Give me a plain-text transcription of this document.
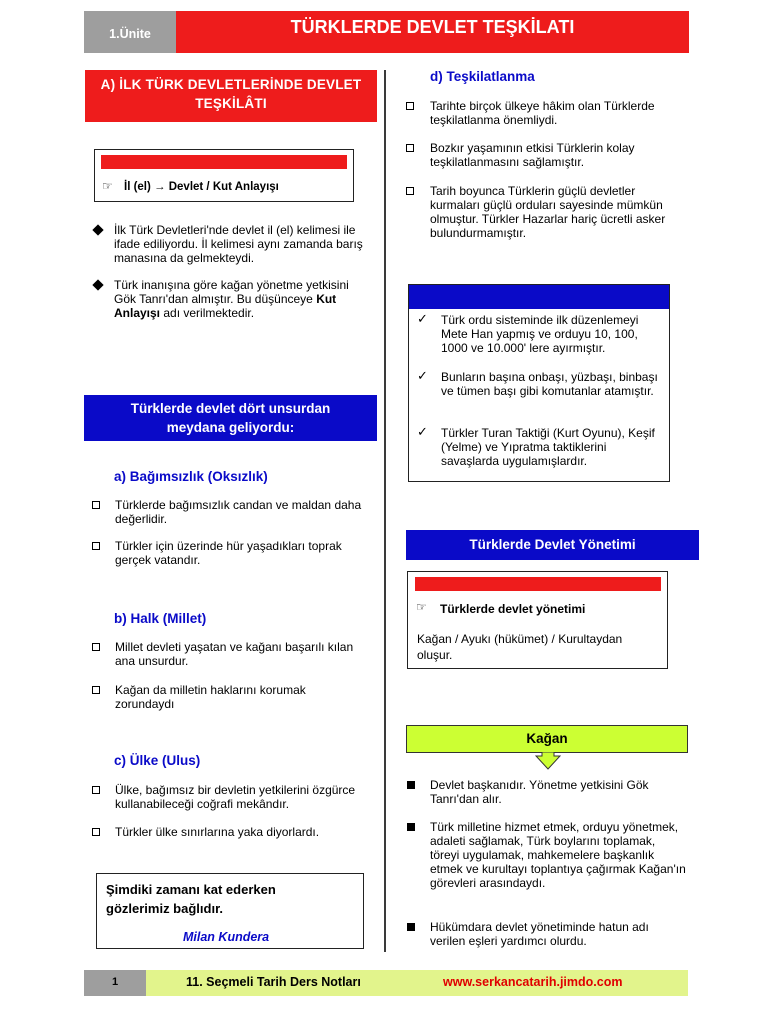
1.Ünite	TÜRKLERDE DEVLET TEŞKİLATI
A) İLK TÜRK DEVLETLERİNDE DEVLET TEŞKİLÂTI
☞ İl (el) → Devlet / Kut Anlayışı
İlk Türk Devletleri'nde devlet il (el) kelimesi ile ifade ediliyordu. İl kelimesi aynı zamanda barış manasına da gelmekteydi.
Türk inanışına göre kağan yönetme yetkisini Gök Tanrı'dan almıştır. Bu düşünceye Kut Anlayışı adı verilmektedir.
Türklerde devlet dört unsurdan meydana geliyordu:
a) Bağımsızlık (Oksızlık)
Türklerde bağımsızlık candan ve maldan daha değerlidir.
Türkler için üzerinde hür yaşadıkları toprak gerçek vatandır.
b) Halk (Millet)
Millet devleti yaşatan ve kağanı başarılı kılan ana unsurdur.
Kağan da milletin haklarını korumak zorundaydı
c) Ülke (Ulus)
Ülke, bağımsız bir devletin yetkilerini özgürce kullanabileceği coğrafi mekândır.
Türkler ülke sınırlarına yaka diyorlardı.
Şimdiki zamanı kat ederken gözlerimiz bağlıdır.
Milan Kundera
d) Teşkilatlanma
Tarihte birçok ülkeye hâkim olan Türklerde teşkilatlanma önemliydi.
Bozkır yaşamının etkisi Türklerin kolay teşkilatlanmasını sağlamıştır.
Tarih boyunca Türklerin güçlü devletler kurmaları güçlü orduları sayesinde mümkün olmuştur. Türkler Hazarlar hariç ücretli asker bulundurmamıştır.
✓ Türk ordu sisteminde ilk düzenlemeyi Mete Han yapmış ve orduyu 10, 100, 1000 ve 10.000' lere ayırmıştır.
✓ Bunların başına onbaşı, yüzbaşı, binbaşı ve tümen başı gibi komutanlar atamıştır.
✓ Türkler Turan Taktiği (Kurt Oyunu), Keşif (Yelme) ve Yıpratma taktiklerini savaşlarda uygulamışlardır.
Türklerde Devlet Yönetimi
☞ Türklerde devlet yönetimi
Kağan / Ayukı (hükümet) / Kurultaydan oluşur.
Kağan
Devlet başkanıdır. Yönetme yetkisini Gök Tanrı'dan alır.
Türk milletine hizmet etmek, orduyu yönetmek, adaleti sağlamak, Türk boylarını toplamak, töreyi uygulamak, mahkemelere başkanlık etmek ve kurultayı toplantıya çağırmak Kağan'ın görevleri arasındaydı.
Hükümdara devlet yönetiminde hatun adı verilen eşleri yardımcı olurdu.
1	11. Seçmeli Tarih Ders Notları	www.serkancatarih.jimdo.com
